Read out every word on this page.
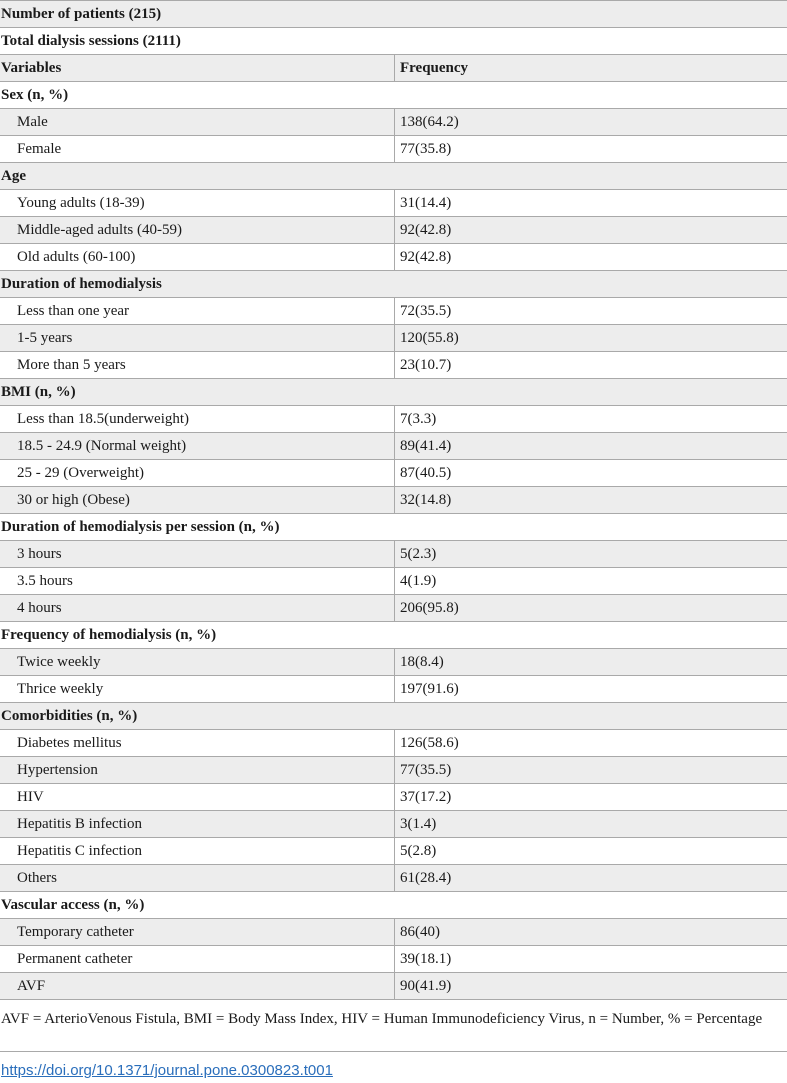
Number of patients (215)
Total dialysis sessions (2111)
Variables	Frequency
Sex (n, %)
Male	138(64.2)
Female	77(35.8)
Age
Young adults (18-39)	31(14.4)
Middle-aged adults (40-59)	92(42.8)
Old adults (60-100)	92(42.8)
Duration of hemodialysis
Less than one year	72(35.5)
1-5 years	120(55.8)
More than 5 years	23(10.7)
BMI (n, %)
Less than 18.5(underweight)	7(3.3)
18.5 - 24.9 (Normal weight)	89(41.4)
25 - 29 (Overweight)	87(40.5)
30 or high (Obese)	32(14.8)
Duration of hemodialysis per session (n, %)
3 hours	5(2.3)
3.5 hours	4(1.9)
4 hours	206(95.8)
Frequency of hemodialysis (n, %)
Twice weekly	18(8.4)
Thrice weekly	197(91.6)
Comorbidities (n, %)
Diabetes mellitus	126(58.6)
Hypertension	77(35.5)
HIV	37(17.2)
Hepatitis B infection	3(1.4)
Hepatitis C infection	5(2.8)
Others	61(28.4)
Vascular access (n, %)
Temporary catheter	86(40)
Permanent catheter	39(18.1)
AVF	90(41.9)
AVF = ArterioVenous Fistula, BMI = Body Mass Index, HIV = Human Immunodeficiency Virus, n = Number, % = Percentage
https://doi.org/10.1371/journal.pone.0300823.t001
